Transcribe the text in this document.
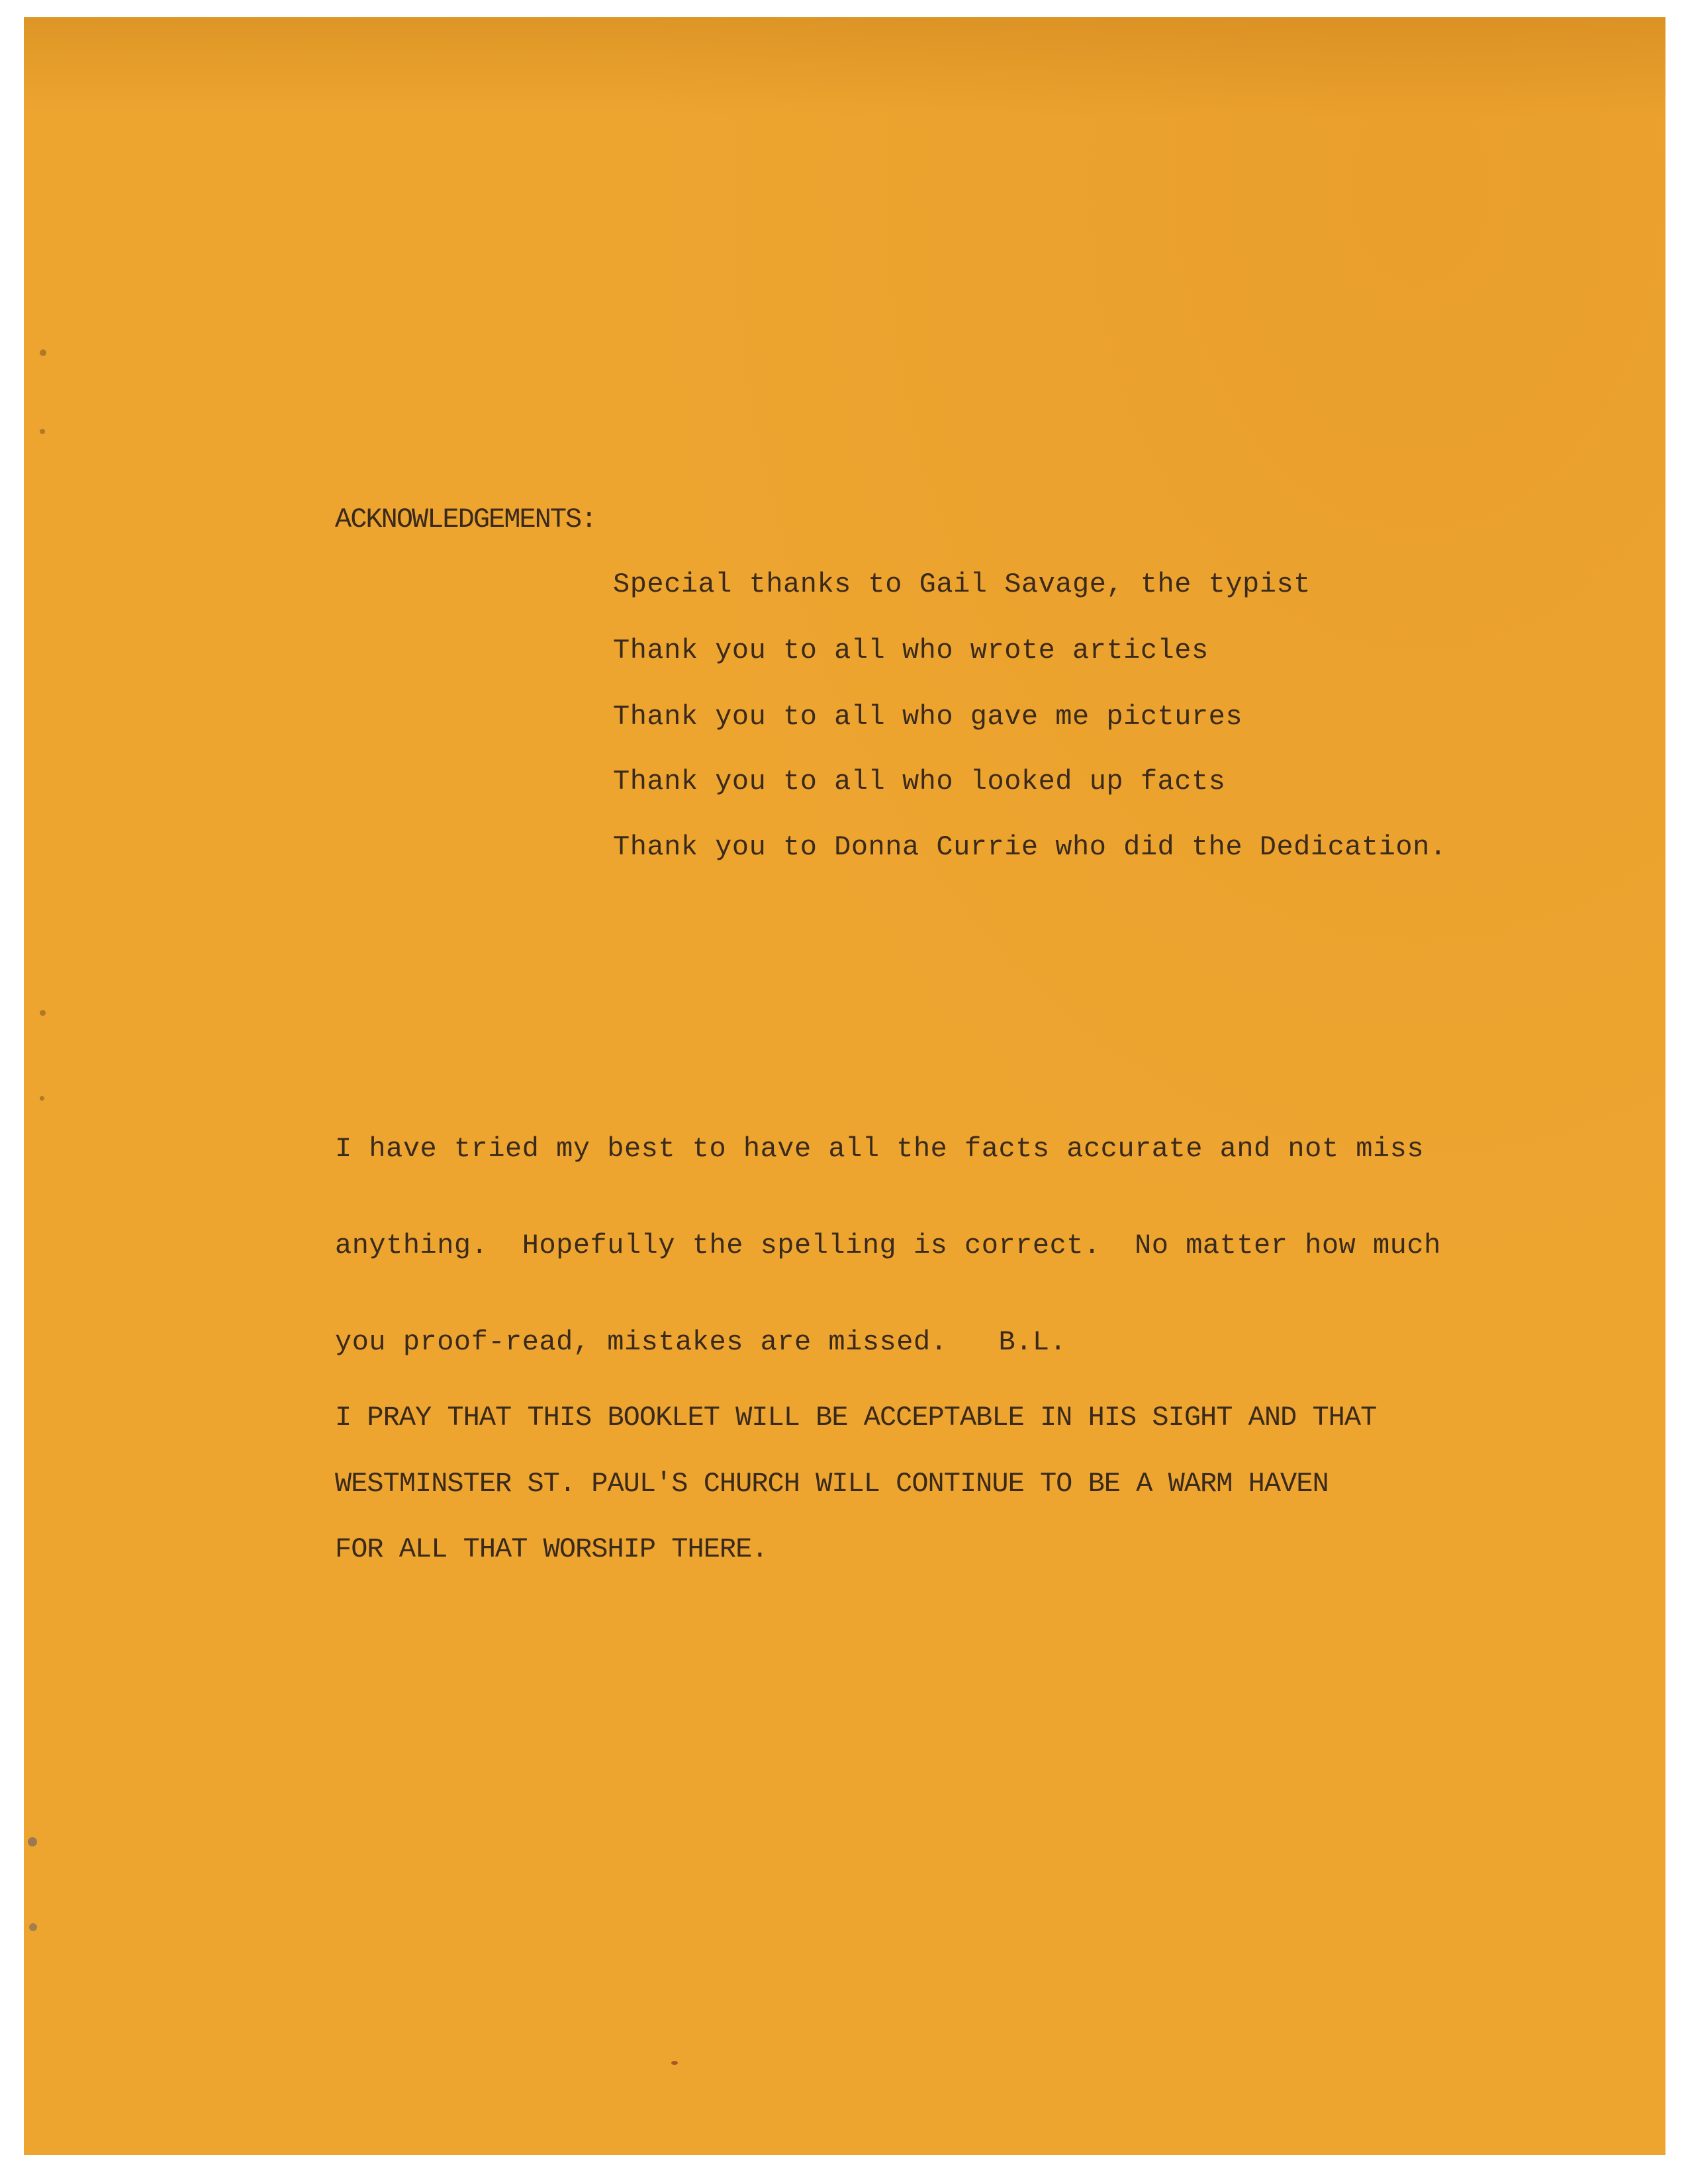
ACKNOWLEDGEMENTS:
Special thanks to Gail Savage, the typist
Thank you to all who wrote articles
Thank you to all who gave me pictures
Thank you to all who looked up facts
Thank you to Donna Currie who did the Dedication.

I have tried my best to have all the facts accurate and not miss

anything.  Hopefully the spelling is correct.  No matter how much

you proof-read, mistakes are missed.   B.L.

I PRAY THAT THIS BOOKLET WILL BE ACCEPTABLE IN HIS SIGHT AND THAT
WESTMINSTER ST. PAUL'S CHURCH WILL CONTINUE TO BE A WARM HAVEN
FOR ALL THAT WORSHIP THERE.
